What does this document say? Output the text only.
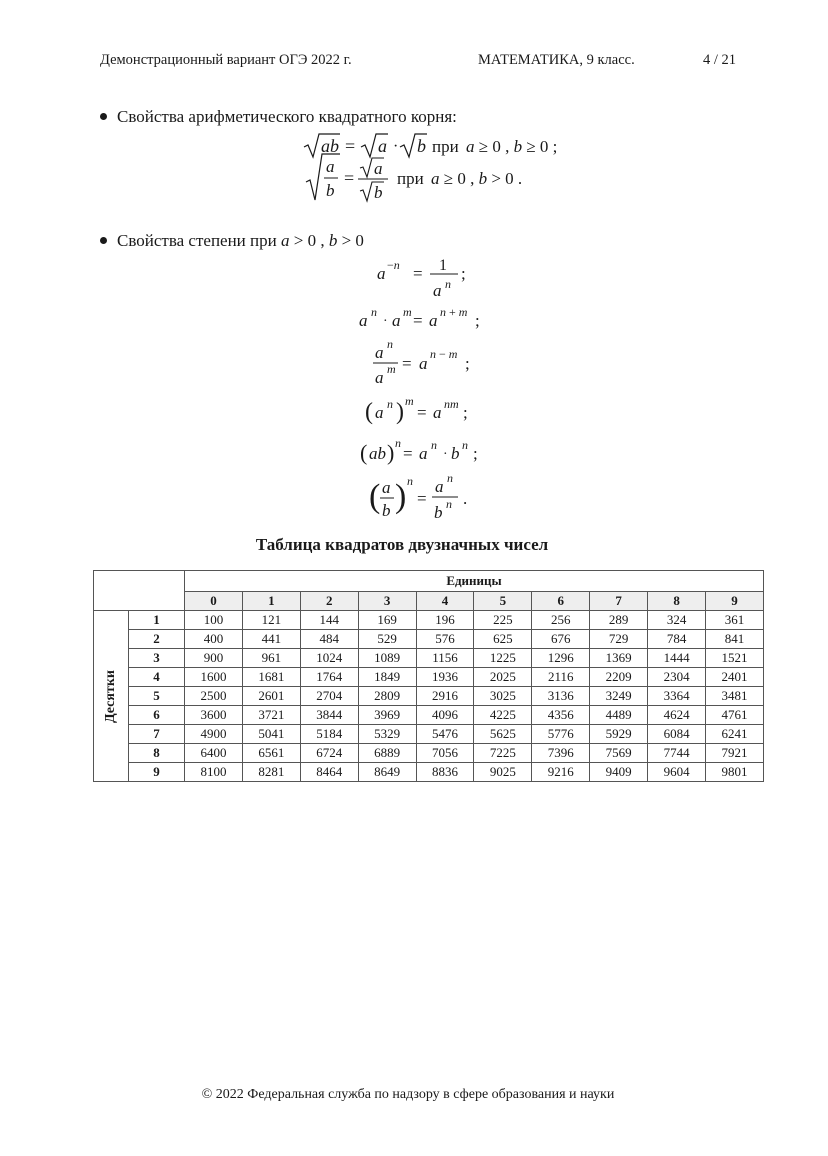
Демонстрационный вариант ОГЭ 2022 г.	МАТЕМАТИКА, 9 класс.	4 / 21
Свойства арифметического квадратного корня:
ab = a · b при a ≥ 0 , b ≥ 0 ;
a
b
= a
b
при a ≥ 0 , b > 0 .
Свойства степени при a > 0 , b > 0
a −n = 1
a n
;
a n
· a m = a n + m ;
a n
a m = a n − m ;
( a n ) m
= a nm ;
( ab ) n
= a n
· b n ;
( a
b ) n
=
a n
b n .
Таблица квадратов двузначных чисел
		Единицы									
		0	1	2	3	4	5	6	7	8	9

Десятки	1	100	121	144	169	196	225	256	289	324	361
	2	400	441	484	529	576	625	676	729	784	841
	3	900	961	1024	1089	1156	1225	1296	1369	1444	1521
	4	1600	1681	1764	1849	1936	2025	2116	2209	2304	2401
	5	2500	2601	2704	2809	2916	3025	3136	3249	3364	3481
	6	3600	3721	3844	3969	4096	4225	4356	4489	4624	4761
	7	4900	5041	5184	5329	5476	5625	5776	5929	6084	6241
	8	6400	6561	6724	6889	7056	7225	7396	7569	7744	7921
	9	8100	8281	8464	8649	8836	9025	9216	9409	9604	9801
© 2022 Федеральная служба по надзору в сфере образования и науки
